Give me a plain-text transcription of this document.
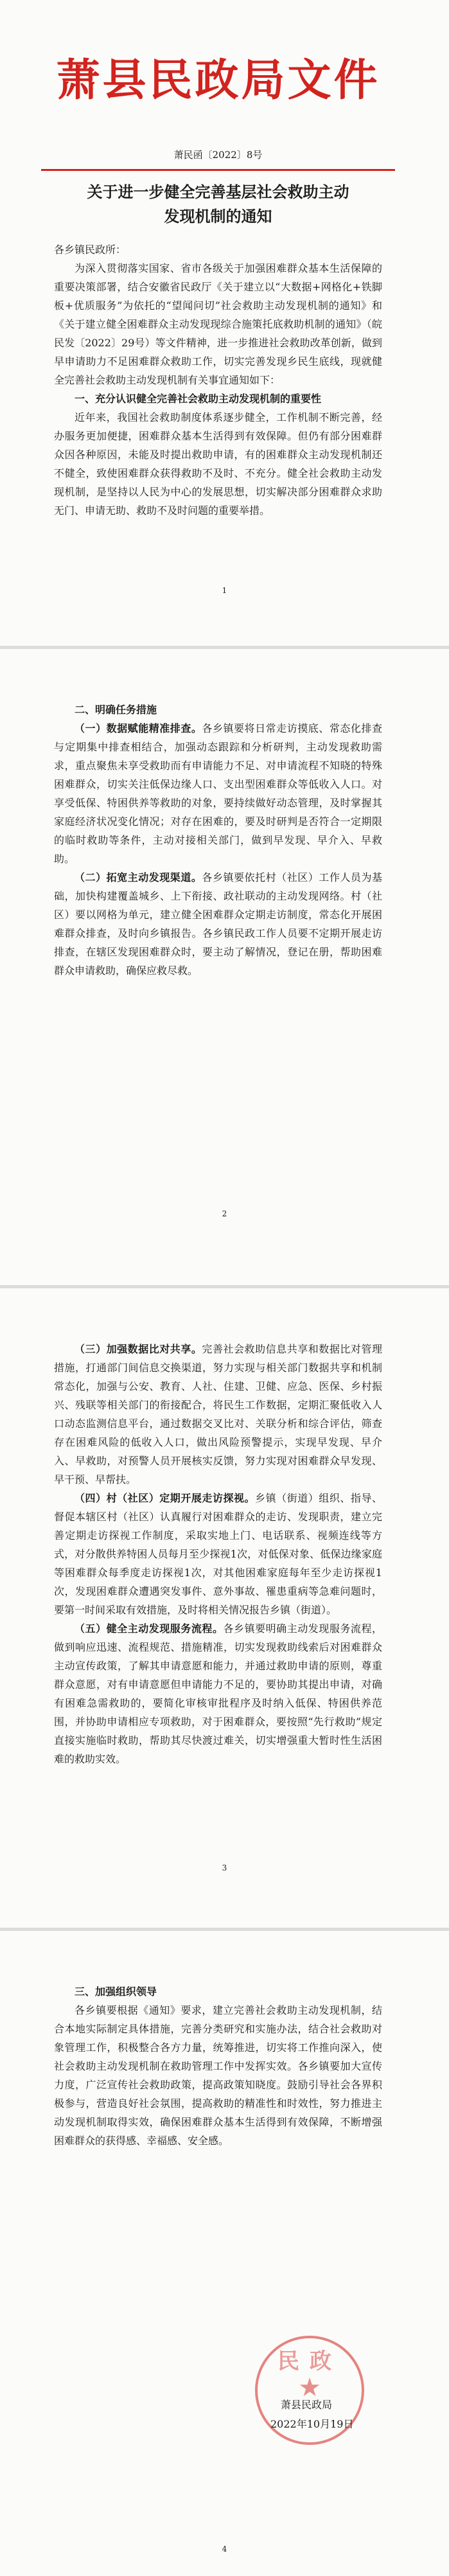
萧县民政局文件
萧民函〔2022〕8号
关于进一步健全完善基层社会救助主动
发现机制的通知
各乡镇民政所：

为深入贯彻落实国家、省市各级关于加强困难群众基本生活保障的重要决策部署，结合安徽省民政厅《关于建立以“大数据+网格化+铁脚板+优质服务”为依托的“望闻问切”社会救助主动发现机制的通知》和《关于建立健全困难群众主动发现现综合施策托底救助机制的通知》（皖民发〔2022〕29号）等文件精神，进一步推进社会救助改革创新，做到早申请助力不足困难群众救助工作，切实完善发现乡民生底线，现就健全完善社会救助主动发现机制有关事宜通知如下：

一、充分认识健全完善社会救助主动发现机制的重要性

近年来，我国社会救助制度体系逐步健全，工作机制不断完善，经办服务更加便捷，困难群众基本生活得到有效保障。但仍有部分困难群众因各种原因，未能及时提出救助申请，有的困难群众主动发现机制还不健全，致使困难群众获得救助不及时、不充分。健全社会救助主动发现机制，是坚持以人民为中心的发展思想，切实解决部分困难群众求助无门、申请无助、救助不及时问题的重要举措。

1

二、明确任务措施

（一）数据赋能精准排查。各乡镇要将日常走访摸底、常态化排查与定期集中排查相结合，加强动态跟踪和分析研判，主动发现救助需求，重点聚焦未享受救助而有申请能力不足、对申请流程不知晓的特殊困难群众，切实关注低保边缘人口、支出型困难群众等低收入人口。对享受低保、特困供养等救助的对象，要持续做好动态管理，及时掌握其家庭经济状况变化情况；对存在困难的，要及时研判是否符合一定期限的临时救助等条件，主动对接相关部门，做到早发现、早介入、早救助。

（二）拓宽主动发现渠道。各乡镇要依托村（社区）工作人员为基础，加快构建覆盖城乡、上下衔接、政社联动的主动发现网络。村（社区）要以网格为单元，建立健全困难群众定期走访制度，常态化开展困难群众排查，及时向乡镇报告。各乡镇民政工作人员要不定期开展走访排查，在辖区发现困难群众时，要主动了解情况，登记在册，帮助困难群众申请救助，确保应救尽救。

2

（三）加强数据比对共享。完善社会救助信息共享和数据比对管理措施，打通部门间信息交换渠道，努力实现与相关部门数据共享和机制常态化，加强与公安、教育、人社、住建、卫健、应急、医保、乡村振兴、残联等相关部门的衔接配合，将民生工作数据，定期汇聚低收入人口动态监测信息平台，通过数据交叉比对、关联分析和综合评估，筛查存在困难风险的低收入人口，做出风险预警提示，实现早发现、早介入、早救助，对预警人员开展核实反馈，努力实现对困难群众早发现、早干预、早帮扶。

（四）村（社区）定期开展走访探视。乡镇（街道）组织、指导、督促本辖区村（社区）认真履行对困难群众的走访、发现职责，建立完善定期走访探视工作制度，采取实地上门、电话联系、视频连线等方式，对分散供养特困人员每月至少探视1次，对低保对象、低保边缘家庭等困难群众每季度走访探视1次，对其他困难家庭每年至少走访探视1次，发现困难群众遭遇突发事件、意外事故、罹患重病等急难问题时，要第一时间采取有效措施，及时将相关情况报告乡镇（街道）。

（五）健全主动发现服务流程。各乡镇要明确主动发现服务流程，做到响应迅速、流程规范、措施精准，切实发现救助线索后对困难群众主动宣传政策，了解其申请意愿和能力，并通过救助申请的原则，尊重群众意愿，对有申请意愿但申请能力不足的，要协助其提出申请，对确有困难急需救助的，要简化审核审批程序及时纳入低保、特困供养范围，并协助申请相应专项救助，对于困难群众，要按照“先行救助”规定直接实施临时救助，帮助其尽快渡过难关，切实增强重大暂时性生活困难的救助实效。

3

三、加强组织领导

各乡镇要根据《通知》要求，建立完善社会救助主动发现机制，结合本地实际制定具体措施，完善分类研究和实施办法，结合社会救助对象管理工作，积极整合各方力量，统筹推进，切实将工作推向深入，使社会救助主动发现机制在救助管理工作中发挥实效。各乡镇要加大宣传力度，广泛宣传社会救助政策，提高政策知晓度。鼓励引导社会各界积极参与，营造良好社会氛围，提高救助的精准性和时效性，努力推进主动发现机制取得实效，确保困难群众基本生活得到有效保障，不断增强困难群众的获得感、幸福感、安全感。

民政
★
萧县民政局
2022年10月19日
4
